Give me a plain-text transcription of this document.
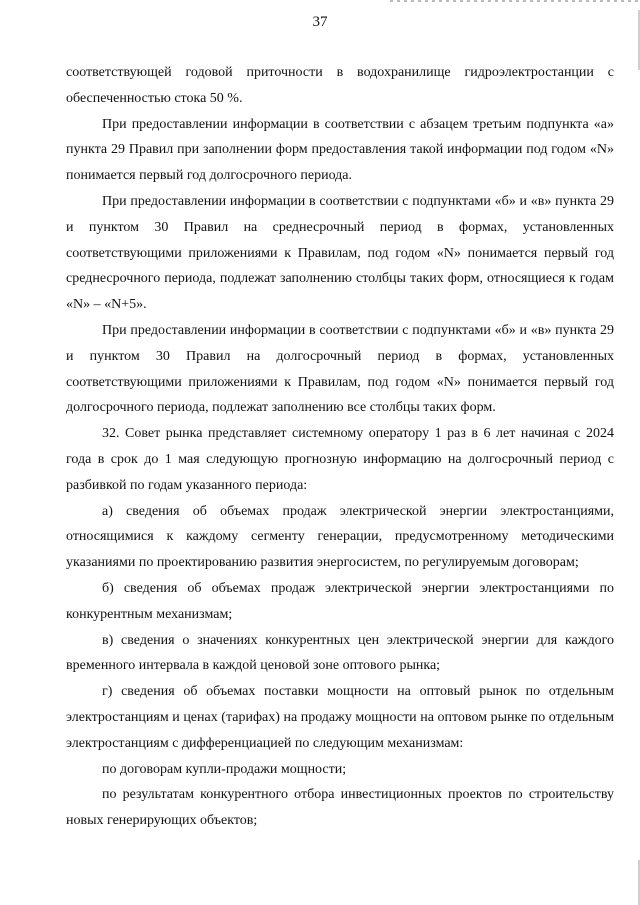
37

соответствующей годовой приточности в водохранилище гидроэлектростанции с обеспеченностью стока 50 %.

При предоставлении информации в соответствии с абзацем третьим подпункта «а» пункта 29 Правил при заполнении форм предоставления такой информации под годом «N» понимается первый год долгосрочного периода.

При предоставлении информации в соответствии с подпунктами «б» и «в» пункта 29 и пунктом 30 Правил на среднесрочный период в формах, установленных соответствующими приложениями к Правилам, под годом «N» понимается первый год среднесрочного периода, подлежат заполнению столбцы таких форм, относящиеся к годам «N» – «N+5».

При предоставлении информации в соответствии с подпунктами «б» и «в» пункта 29 и пунктом 30 Правил на долгосрочный период в формах, установленных соответствующими приложениями к Правилам, под годом «N» понимается первый год долгосрочного периода, подлежат заполнению все столбцы таких форм.

32. Совет рынка представляет системному оператору 1 раз в 6 лет начиная с 2024 года в срок до 1 мая следующую прогнозную информацию на долгосрочный период с разбивкой по годам указанного периода:

а) сведения об объемах продаж электрической энергии электростанциями, относящимися к каждому сегменту генерации, предусмотренному методическими указаниями по проектированию развития энергосистем, по регулируемым договорам;

б) сведения об объемах продаж электрической энергии электростанциями по конкурентным механизмам;

в) сведения о значениях конкурентных цен электрической энергии для каждого временного интервала в каждой ценовой зоне оптового рынка;

г) сведения об объемах поставки мощности на оптовый рынок по отдельным электростанциям и ценах (тарифах) на продажу мощности на оптовом рынке по отдельным электростанциям с дифференциацией по следующим механизмам:

по договорам купли-продажи мощности;

по результатам конкурентного отбора инвестиционных проектов по строительству новых генерирующих объектов;
